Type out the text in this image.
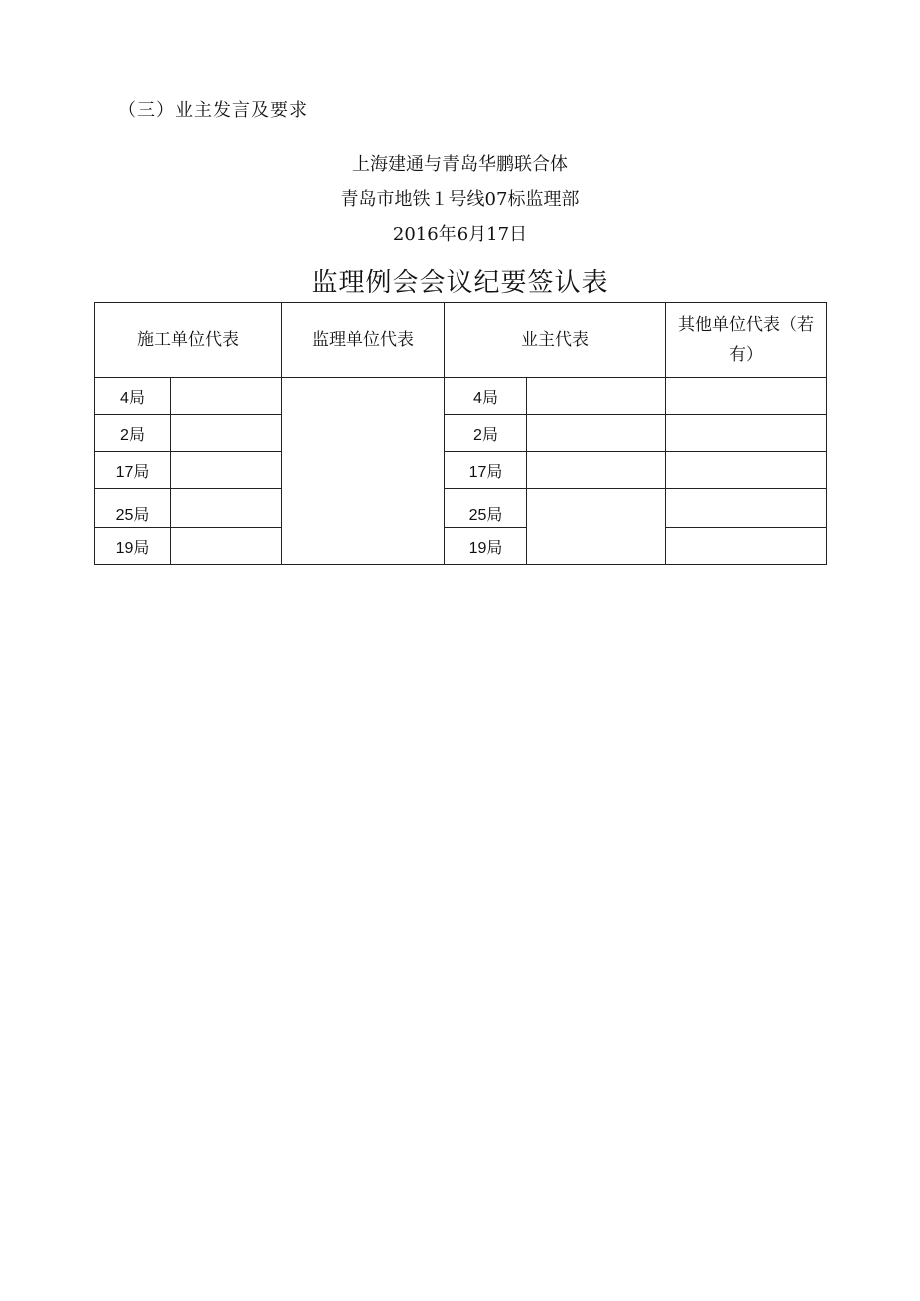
（三）业主发言及要求
上海建通与青岛华鹏联合体
青岛市地铁１号线07标监理部
2016年6月17日
监理例会会议纪要签认表
施工单位代表		监理单位代表	业主代表		其他单位代表（若有）
4局			4局		
2局			2局		
17局			17局		
25局			25局		
19局			19局		
